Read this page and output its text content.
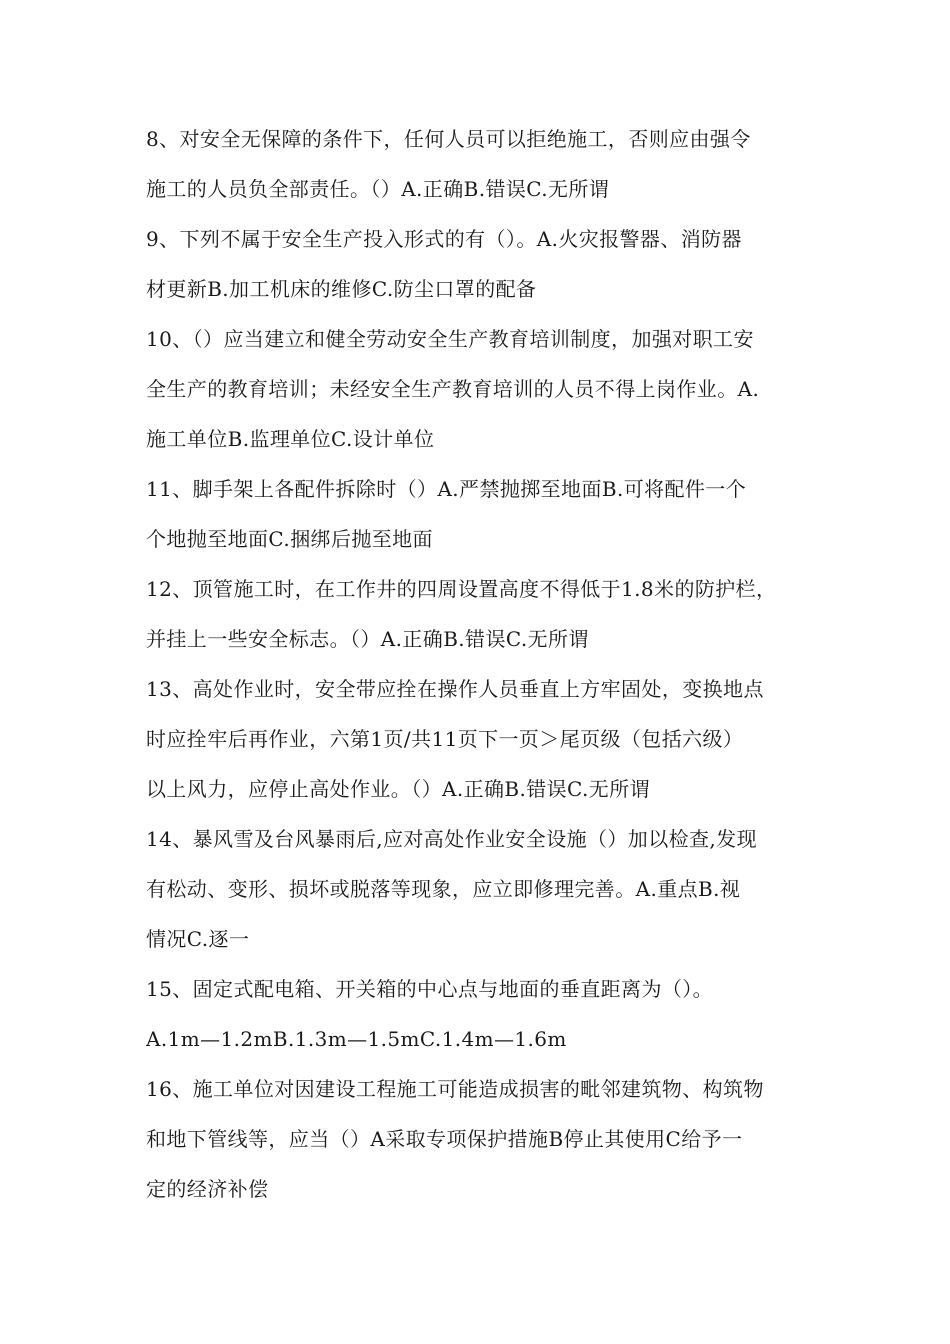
8、对安全无保障的条件下，任何人员可以拒绝施工，否则应由强令
施工的人员负全部责任。（）A.正确B.错误C.无所谓
9、下列不属于安全生产投入形式的有（）。A.火灾报警器、消防器
材更新B.加工机床的维修C.防尘口罩的配备
10、（）应当建立和健全劳动安全生产教育培训制度，加强对职工安
全生产的教育培训；未经安全生产教育培训的人员不得上岗作业。A.
施工单位B.监理单位C.设计单位
11、脚手架上各配件拆除时（）A.严禁抛掷至地面B.可将配件一个
个地抛至地面C.捆绑后抛至地面
12、顶管施工时，在工作井的四周设置高度不得低于1.8米的防护栏，
并挂上一些安全标志。（）A.正确B.错误C.无所谓
13、高处作业时，安全带应拴在操作人员垂直上方牢固处，变换地点
时应拴牢后再作业，六第1页/共11页下一页＞尾页级（包括六级）
以上风力，应停止高处作业。（）A.正确B.错误C.无所谓
14、暴风雪及台风暴雨后,应对高处作业安全设施（）加以检查,发现
有松动、变形、损坏或脱落等现象，应立即修理完善。A.重点B.视
情况C.逐一
15、固定式配电箱、开关箱的中心点与地面的垂直距离为（）。
A.1m—1.2mB.1.3m—1.5mC.1.4m—1.6m
16、施工单位对因建设工程施工可能造成损害的毗邻建筑物、构筑物
和地下管线等，应当（）A采取专项保护措施B停止其使用C给予一
定的经济补偿
